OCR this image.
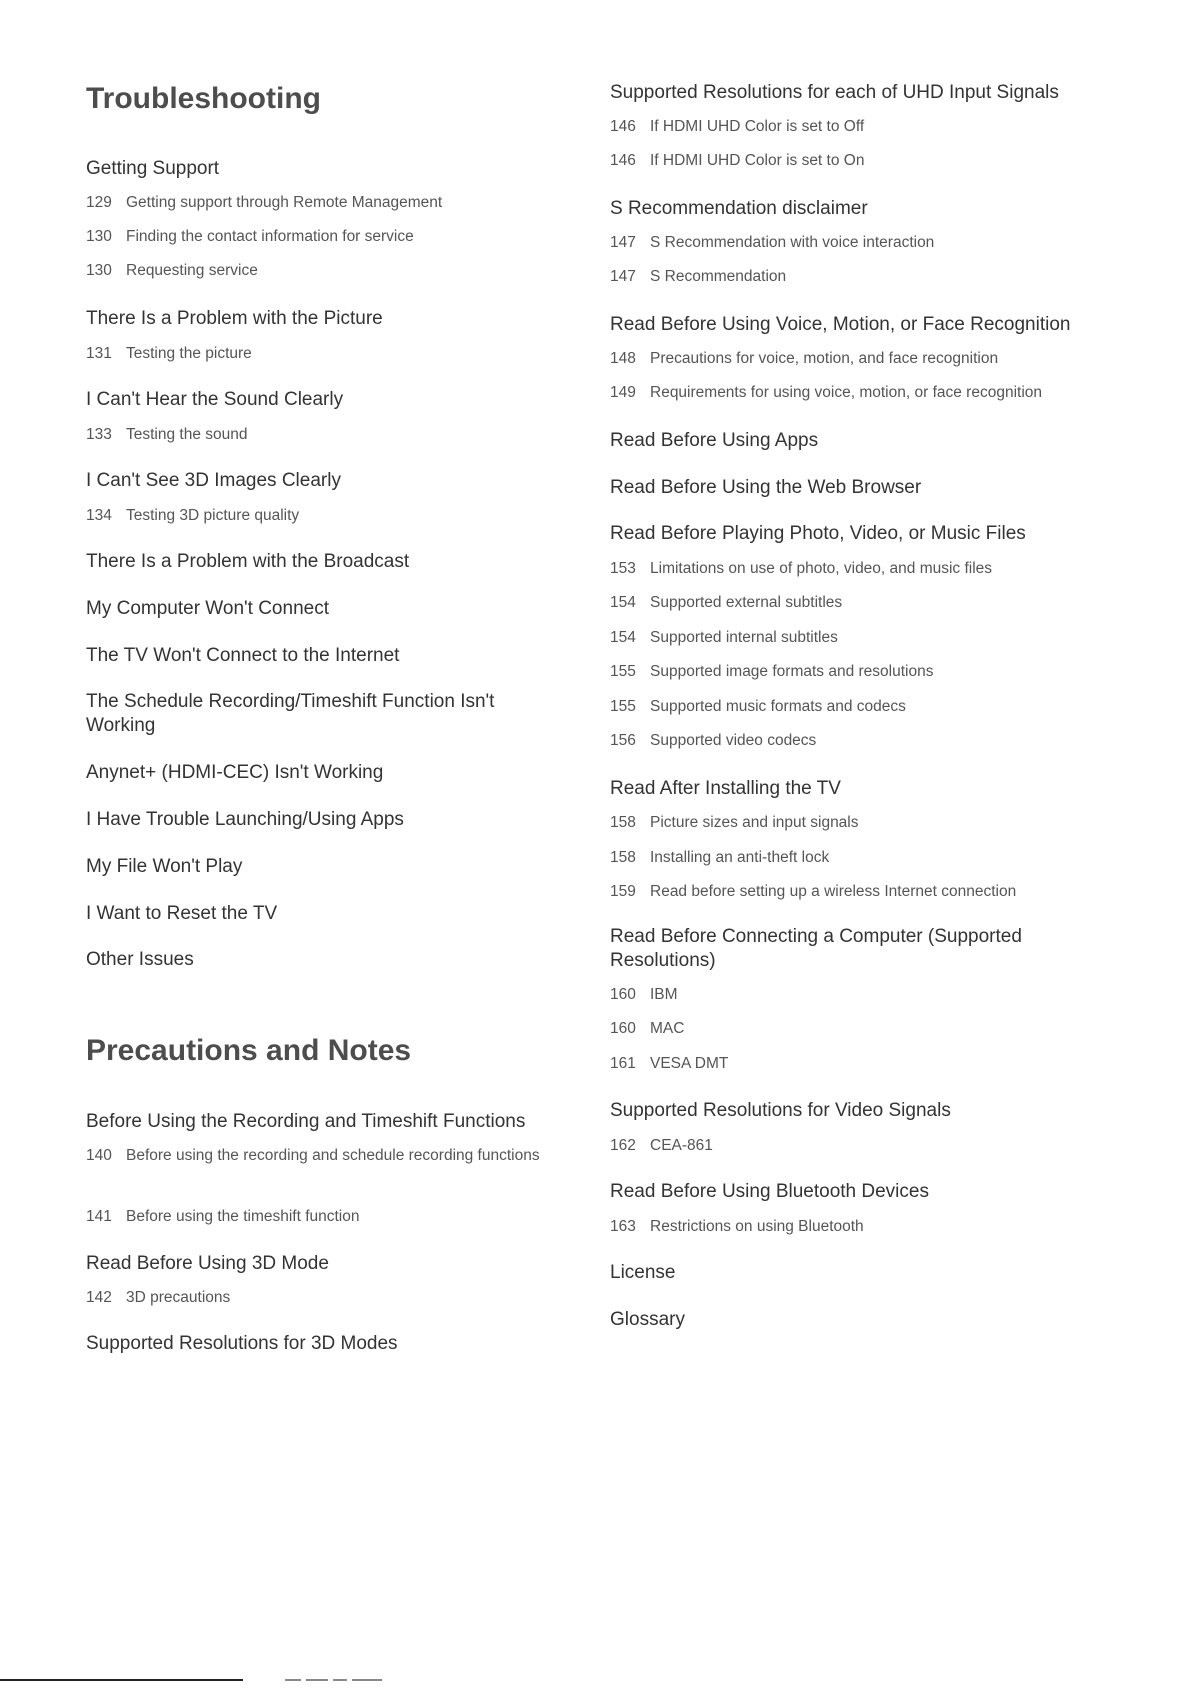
Troubleshooting
Getting Support
129 Getting support through Remote Management
130 Finding the contact information for service
130 Requesting service
There Is a Problem with the Picture
131 Testing the picture
I Can't Hear the Sound Clearly
133 Testing the sound
I Can't See 3D Images Clearly
134 Testing 3D picture quality
There Is a Problem with the Broadcast
My Computer Won't Connect
The TV Won't Connect to the Internet
The Schedule Recording/Timeshift Function Isn't Working
Anynet+ (HDMI-CEC) Isn't Working
I Have Trouble Launching/Using Apps
My File Won't Play
I Want to Reset the TV
Other Issues
Precautions and Notes
Before Using the Recording and Timeshift Functions
140 Before using the recording and schedule recording functions
141 Before using the timeshift function
Read Before Using 3D Mode
142 3D precautions
Supported Resolutions for 3D Modes
Supported Resolutions for each of UHD Input Signals
146 If HDMI UHD Color is set to Off
146 If HDMI UHD Color is set to On
S Recommendation disclaimer
147 S Recommendation with voice interaction
147 S Recommendation
Read Before Using Voice, Motion, or Face Recognition
148 Precautions for voice, motion, and face recognition
149 Requirements for using voice, motion, or face recognition
Read Before Using Apps
Read Before Using the Web Browser
Read Before Playing Photo, Video, or Music Files
153 Limitations on use of photo, video, and music files
154 Supported external subtitles
154 Supported internal subtitles
155 Supported image formats and resolutions
155 Supported music formats and codecs
156 Supported video codecs
Read After Installing the TV
158 Picture sizes and input signals
158 Installing an anti-theft lock
159 Read before setting up a wireless Internet connection
Read Before Connecting a Computer (Supported Resolutions)
160 IBM
160 MAC
161 VESA DMT
Supported Resolutions for Video Signals
162 CEA-861
Read Before Using Bluetooth Devices
163 Restrictions on using Bluetooth
License
Glossary
